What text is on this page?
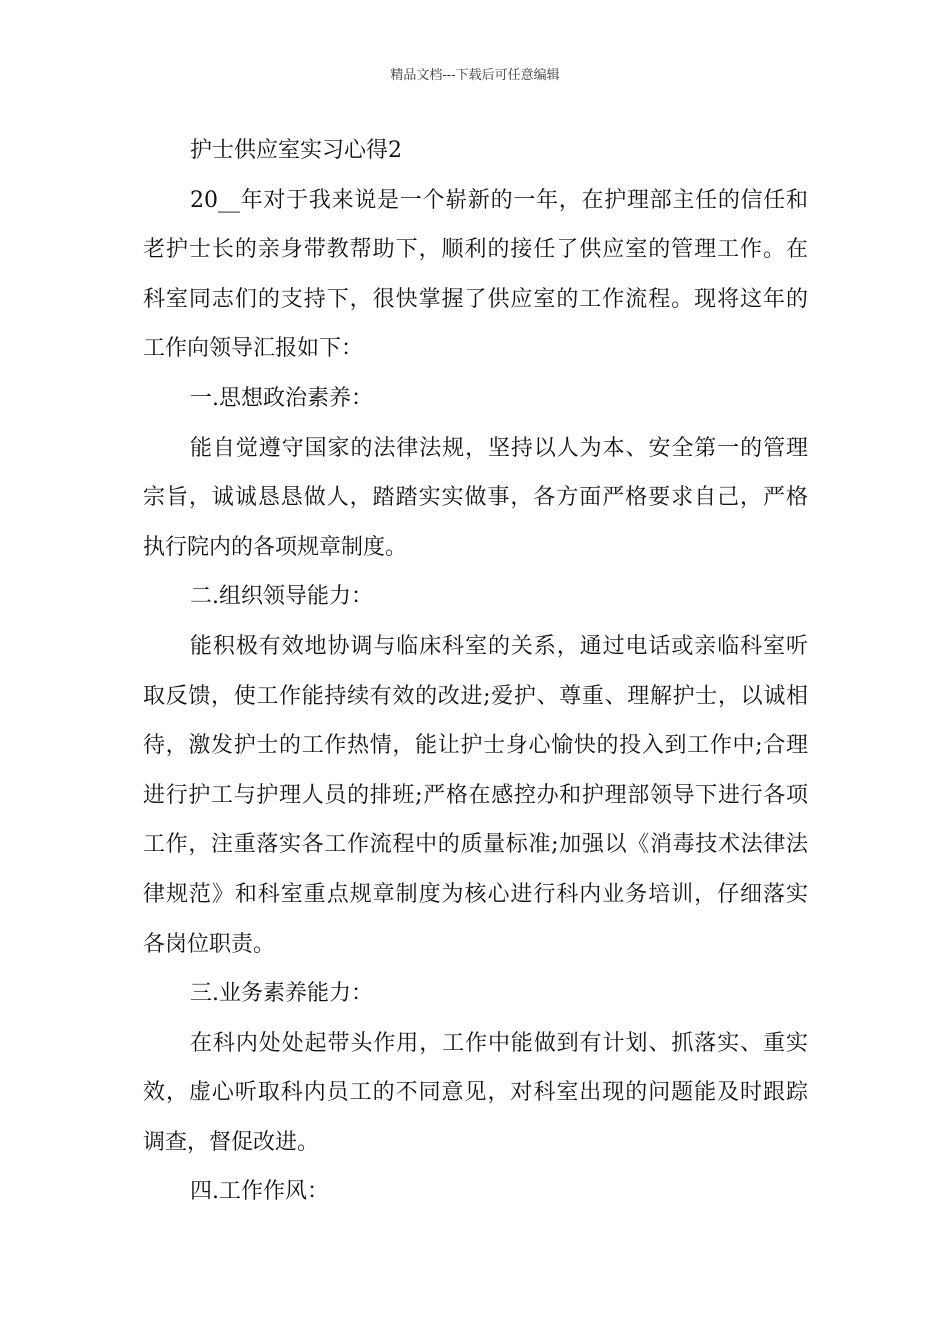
精品文档---下载后可任意编辑
护士供应室实习心得2
20__年对于我来说是一个崭新的一年，在护理部主任的信任和
老护士长的亲身带教帮助下，顺利的接任了供应室的管理工作。在
科室同志们的支持下，很快掌握了供应室的工作流程。现将这年的
工作向领导汇报如下：
一.思想政治素养：
能自觉遵守国家的法律法规，坚持以人为本、安全第一的管理
宗旨，诚诚恳恳做人，踏踏实实做事，各方面严格要求自己，严格
执行院内的各项规章制度。
二.组织领导能力：
能积极有效地协调与临床科室的关系，通过电话或亲临科室听
取反馈，使工作能持续有效的改进;爱护、尊重、理解护士，以诚相
待，激发护士的工作热情，能让护士身心愉快的投入到工作中;合理
进行护工与护理人员的排班;严格在感控办和护理部领导下进行各项
工作，注重落实各工作流程中的质量标准;加强以《消毒技术法律法
律规范》和科室重点规章制度为核心进行科内业务培训，仔细落实
各岗位职责。
三.业务素养能力：
在科内处处起带头作用，工作中能做到有计划、抓落实、重实
效，虚心听取科内员工的不同意见，对科室出现的问题能及时跟踪
调查，督促改进。
四.工作作风：
